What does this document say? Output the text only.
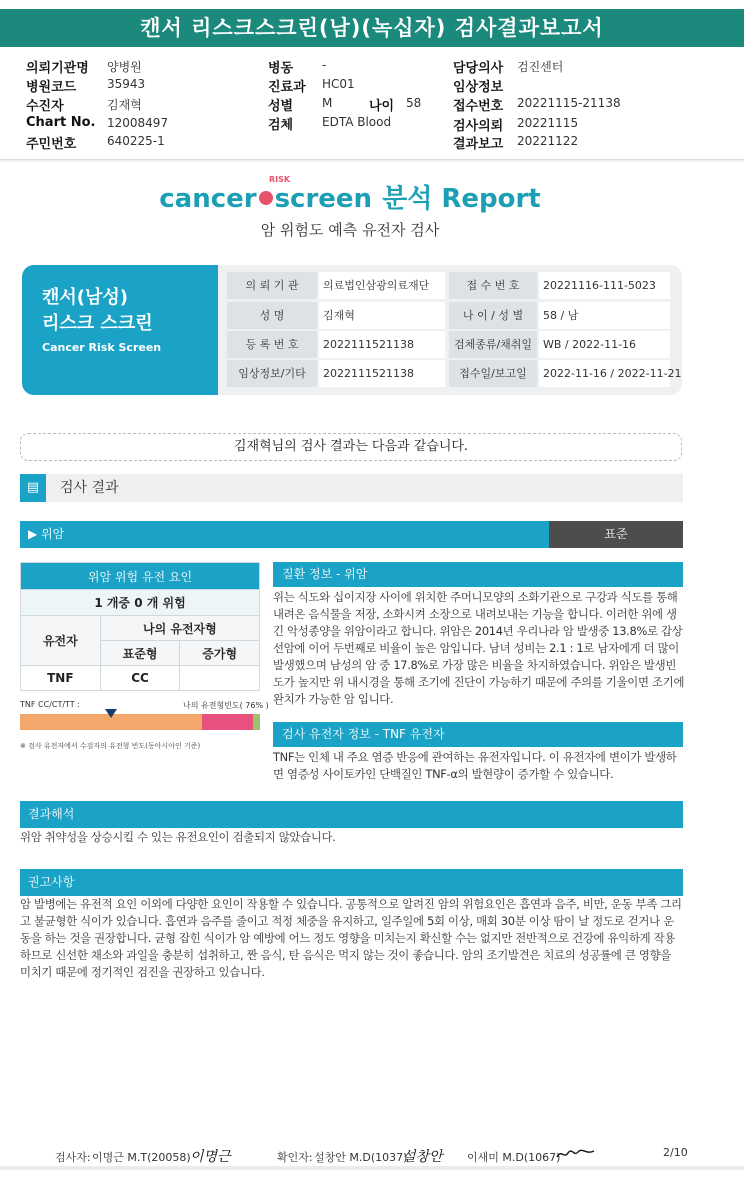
캔서 리스크스크린(남)(녹십자) 검사결과보고서
의뢰기관명 양병원
병원코드	35943
수진자	김재혁
Chart No. 12008497
주민번호	640225-1
병동 -
진료과 HC01
성별 M	나이 58
검체 EDTA Blood
담당의사 검진센터
임상정보
접수번호 20221115-21138
검사의뢰 20221115
결과보고 20221122
cancer screen 분석 Report
RISK
암 위험도 예측 유전자 검사
캔서(남성)
리스크 스크린
Cancer Risk Screen
의 뢰 기 관	의료법인삼광의료재단	접 수 번 호	20221116-111-5023
성 명	김재혁	나 이 / 성 별	58 / 남
등 록 번 호	2022111521138	검체종류/채취일 WB / 2022-11-16
임상정보/기타	2022111521138	접수일/보고일	2022-11-16 / 2022-11-21
김재혁님의 검사 결과는 다음과 같습니다.
▤	검사 결과
▶ 위암	표준
위암 위험 유전 요인		
1 개중 0 개 위험		
유전자	나의 유전자형	
	표준형	증가형
TNF	CC	
TNF CC/CT/TT :	나의 유전형빈도( 76% )
※ 검사 유전자에서 수검자의 유전형 빈도(동아시아인 기준)
질환 정보 - 위암
위는 식도와 십이지장 사이에 위치한 주머니모양의 소화기관으로 구강과 식도를 통해 내려온 음식물을 저장, 소화시켜 소장으로 내려보내는 기능을 합니다. 이러한 위에 생긴 악성종양을 위암이라고 합니다. 위암은 2014년 우리나라 암 발생중 13.8%로 갑상선암에 이어 두번째로 비율이 높은 암입니다. 남녀 성비는 2.1 : 1로 남자에게 더 많이 발생했으며 남성의 암 중 17.8%로 가장 많은 비율을 차지하였습니다. 위암은 발생빈도가 높지만 위 내시경을 통해 조기에 진단이 가능하기 때문에 주의를 기울이면 조기에 완치가 가능한 암 입니다.
검사 유전자 정보 - TNF 유전자
TNF는 인체 내 주요 염증 반응에 관여하는 유전자입니다. 이 유전자에 변이가 발생하면 염증성 사이토카인 단백질인 TNF-α의 발현량이 증가할 수 있습니다.
결과해석
위암 취약성을 상승시킬 수 있는 유전요인이 검출되지 않았습니다.
권고사항
암 발병에는 유전적 요인 이외에 다양한 요인이 작용할 수 있습니다. 공통적으로 알려진 암의 위험요인은 흡연과 음주, 비만, 운동 부족 그리고 불균형한 식이가 있습니다. 흡연과 음주를 줄이고 적정 체중을 유지하고, 일주일에 5회 이상, 매회 30분 이상 땀이 날 정도로 걷거나 운동을 하는 것을 권장합니다. 균형 잡힌 식이가 암 예방에 어느 정도 영향을 미치는지 확신할 수는 없지만 전반적으로 건강에 유익하게 작용하므로 신선한 채소와 과일을 충분히 섭취하고, 짠 음식, 탄 음식은 먹지 않는 것이 좋습니다. 암의 조기발견은 치료의 성공률에 큰 영향을 미치기 때문에 정기적인 검진을 권장하고 있습니다.
검사자: 이명근 M.T(20058) 이명근	확인자: 설창안 M.D(1037)
설창안 이새미 M.D(1067)	2/10
